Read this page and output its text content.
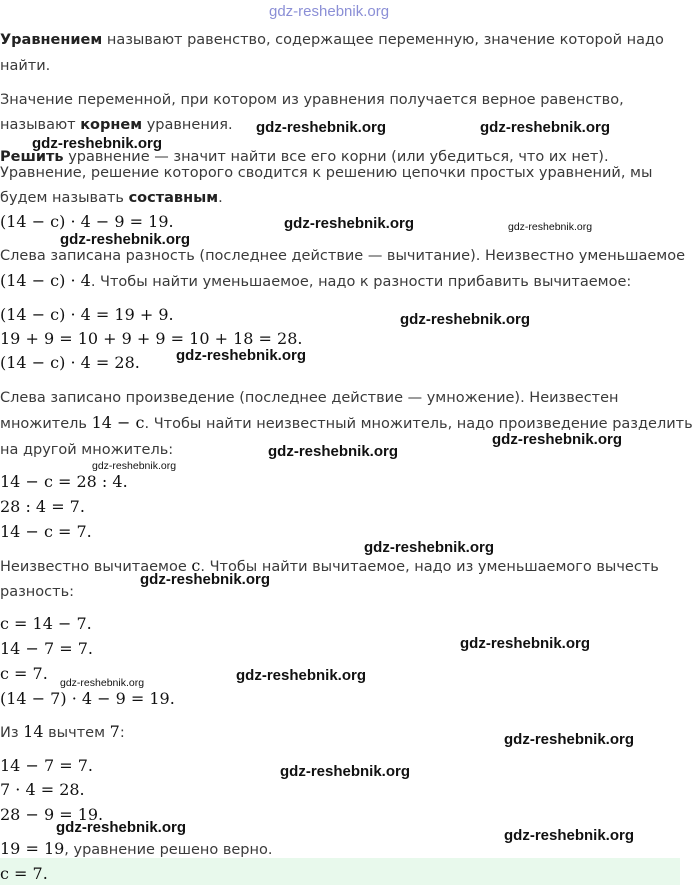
gdz-reshebnik.org
Уравнением называют равенство, содержащее переменную, значение которой надо
найти.
Значение переменной, при котором из уравнения получается верное равенство,
называют корнем уравнения.
Решить уравнение — значит найти все его корни (или убедиться, что их нет).
Уравнение, решение которого сводится к решению цепочки простых уравнений, мы
будем называть составным.
(14 − c) · 4 − 9 = 19.
Слева записана разность (последнее действие — вычитание). Неизвестно уменьшаемое
(14 − c) · 4. Чтобы найти уменьшаемое, надо к разности прибавить вычитаемое:
(14 − c) · 4 = 19 + 9.
19 + 9 = 10 + 9 + 9 = 10 + 18 = 28.
(14 − c) · 4 = 28.
Слева записано произведение (последнее действие — умножение). Неизвестен
множитель 14 − c. Чтобы найти неизвестный множитель, надо произведение разделить
на другой множитель:
14 − c = 28 : 4.
28 : 4 = 7.
14 − c = 7.
Неизвестно вычитаемое c. Чтобы найти вычитаемое, надо из уменьшаемого вычесть
разность:
c = 14 − 7.
14 − 7 = 7.
c = 7.
(14 − 7) · 4 − 9 = 19.
Из 14 вычтем 7:
14 − 7 = 7.
7 · 4 = 28.
28 − 9 = 19.
19 = 19, уравнение решено верно.
c = 7.
gdz-reshebnik.org	gdz-reshebnik.org
gdz-reshebnik.org
gdz-reshebnik.org	gdz-reshebnik.org
gdz-reshebnik.org
gdz-reshebnik.org
gdz-reshebnik.org
gdz-reshebnik.org
gdz-reshebnik.org
gdz-reshebnik.org
gdz-reshebnik.org
gdz-reshebnik.org
gdz-reshebnik.org
gdz-reshebnik.org
gdz-reshebnik.org
gdz-reshebnik.org
gdz-reshebnik.org
gdz-reshebnik.org	gdz-reshebnik.org
